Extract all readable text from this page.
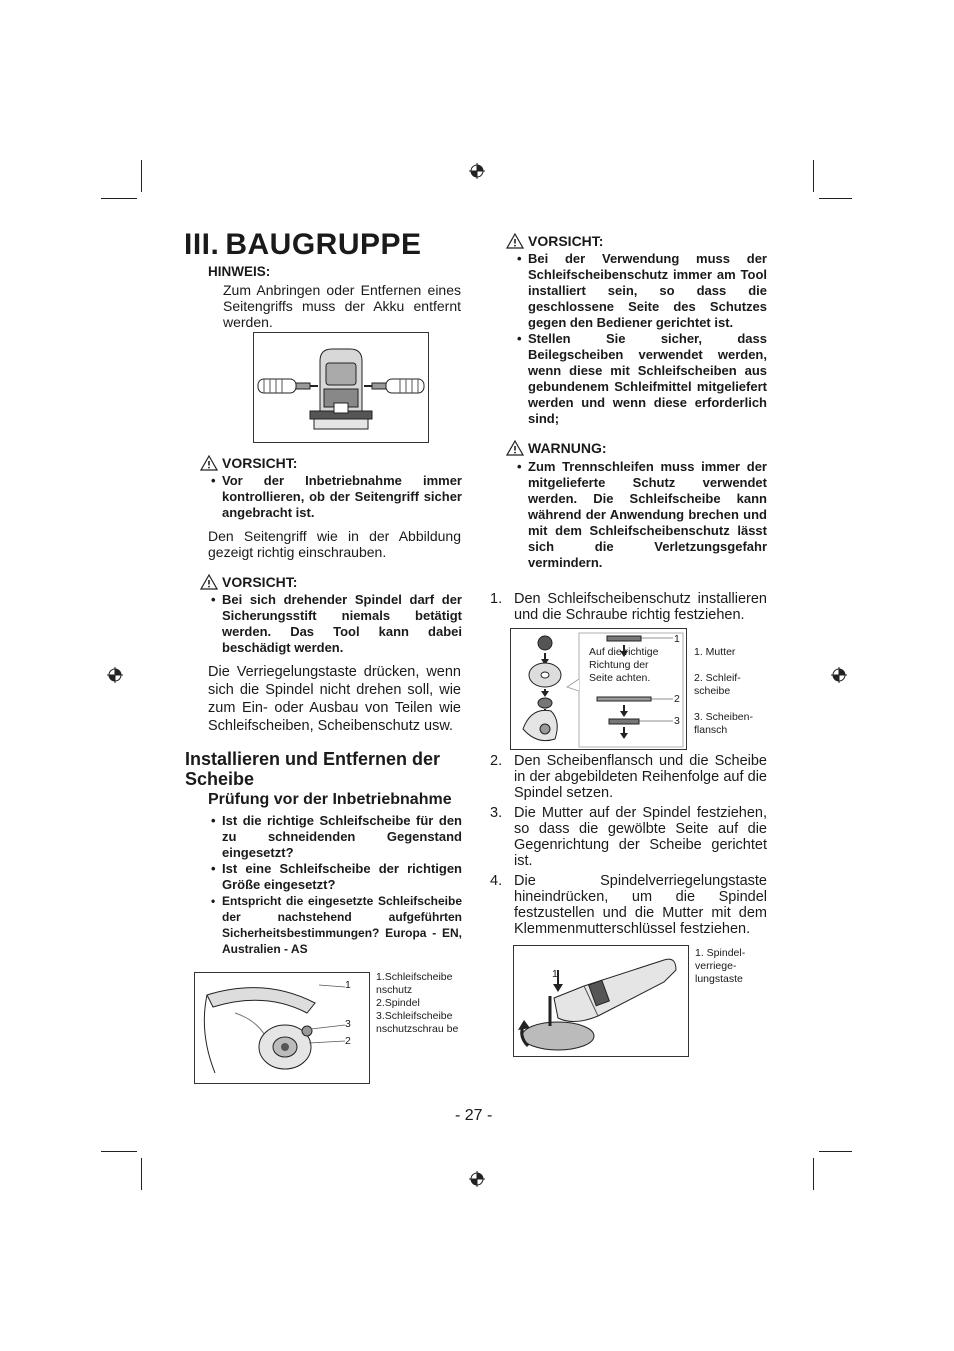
III. BAUGRUPPE
HINWEIS:
Zum Anbringen oder Entfernen eines Seitengriffs muss der Akku entfernt werden.
VORSICHT:
• Vor der Inbetriebnahme immer kontrollieren, ob der Seitengriff sicher angebracht ist.
Den Seitengriff wie in der Abbildung gezeigt richtig einschrauben.
VORSICHT:
• Bei sich drehender Spindel darf der Sicherungsstift niemals betätigt werden. Das Tool kann dabei beschädigt werden.
Die Verriegelungstaste drücken, wenn sich die Spindel nicht drehen soll, wie zum Ein- oder Ausbau von Teilen wie Schleifscheiben, Scheibenschutz usw.
Installieren und Entfernen der Scheibe
Prüfung vor der Inbetriebnahme
• Ist die richtige Schleifscheibe für den zu schneidenden Gegenstand eingesetzt?
• Ist eine Schleifscheibe der richtigen Größe eingesetzt?
• Entspricht die eingesetzte Schleifscheibe der nachstehend aufgeführten Sicherheitsbestimmungen? Europa - EN, Australien - AS
1
3
2
1.Schleifscheibe nschutz
2.Spindel
3.Schleifscheibe nschutzschrau be
VORSICHT:
• Bei der Verwendung muss der Schleifscheibenschutz immer am Tool installiert sein, so dass die geschlossene Seite des Schutzes gegen den Bediener gerichtet ist.
• Stellen Sie sicher, dass Beilegscheiben verwendet werden, wenn diese mit Schleifscheiben aus gebundenem Schleifmittel mitgeliefert werden und wenn diese erforderlich sind;
WARNUNG:
• Zum Trennschleifen muss immer der mitgelieferte Schutz verwendet werden. Die Schleifscheibe kann während der Anwendung brechen und mit dem Schleifscheibenschutz lässt sich die Verletzungsgefahr vermindern.
1. Den Schleifscheibenschutz installieren und die Schraube richtig festziehen.
Auf die richtige Richtung der Seite achten.
1
2
3

1. Mutter

2. Schleif-
scheibe

3. Scheiben-
flansch

2. Den Scheibenflansch und die Scheibe in der abgebildeten Reihenfolge auf die Spindel setzen.
3. Die Mutter auf der Spindel festziehen, so dass die gewölbte Seite auf die Gegenrichtung der Scheibe gerichtet ist.
4. Die Spindelverriegelungstaste hineindrücken, um die Spindel festzustellen und die Mutter mit dem Klemmenmutterschlüssel festziehen.
1
1. Spindel-
verriege-
lungstaste
- 27 -
